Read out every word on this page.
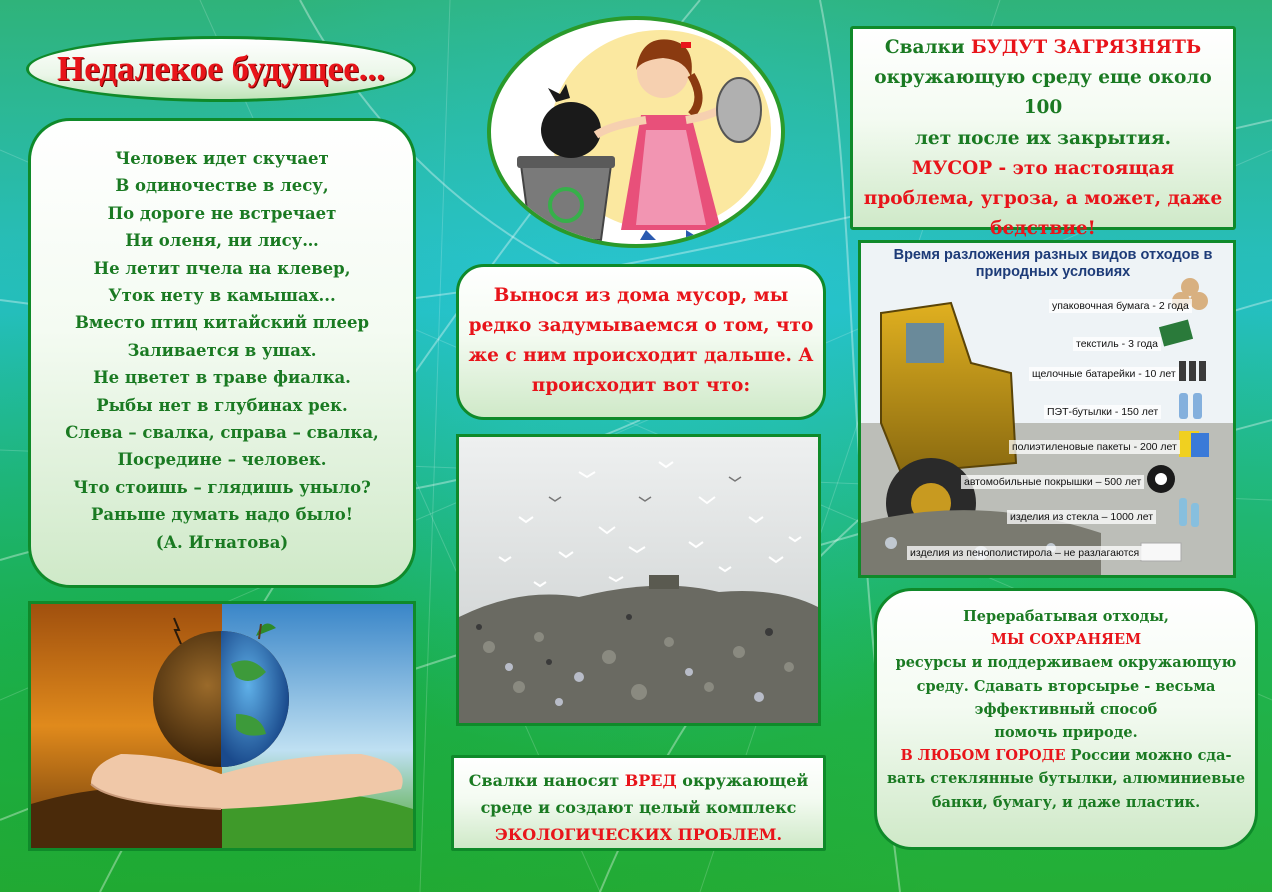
Недалекое будущее...
Человек идет скучает
В одиночестве в лесу,
По дороге не встречает
Ни оленя, ни лису…
Не летит пчела на клевер,
Уток нету в камышах...
Вместо птиц китайский плеер
Заливается в ушах.
Не цветет в траве фиалка.
Рыбы нет в глубинах рек.
Слева – свалка, справа – свалка,
Посредине – человек.
Что стоишь – глядишь уныло?
Раньше думать надо было!
(А. Игнатова)
Вынося из дома мусор, мы
редко задумываемся о том, что
же с ним происходит дальше. А
происходит вот что:
Свалки наносят ВРЕД окружающей
среде и создают целый комплекс
ЭКОЛОГИЧЕСКИХ ПРОБЛЕМ.
Свалки БУДУТ ЗАГРЯЗНЯТЬ
окружающую среду еще около 100
лет после их закрытия.
МУСОР - это настоящая
проблема, угроза, а может, даже
бедствие!
Время разложения разных видов отходов в природных условиях
упаковочная бумага - 2 года
текстиль - 3 года
щелочные батарейки - 10 лет
ПЭТ-бутылки - 150 лет
полиэтиленовые пакеты - 200 лет
автомобильные покрышки – 500 лет
изделия из стекла – 1000 лет
изделия из пенополистирола – не разлагаются
Перерабатывая отходы,
МЫ СОХРАНЯЕМ
ресурсы и поддерживаем окружающую
среду. Сдавать вторсырье - весьма
эффективный способ
помочь природе.
В ЛЮБОМ ГОРОДЕ России можно сда-
вать стеклянные бутылки, алюминиевые
банки, бумагу, и даже пластик.
